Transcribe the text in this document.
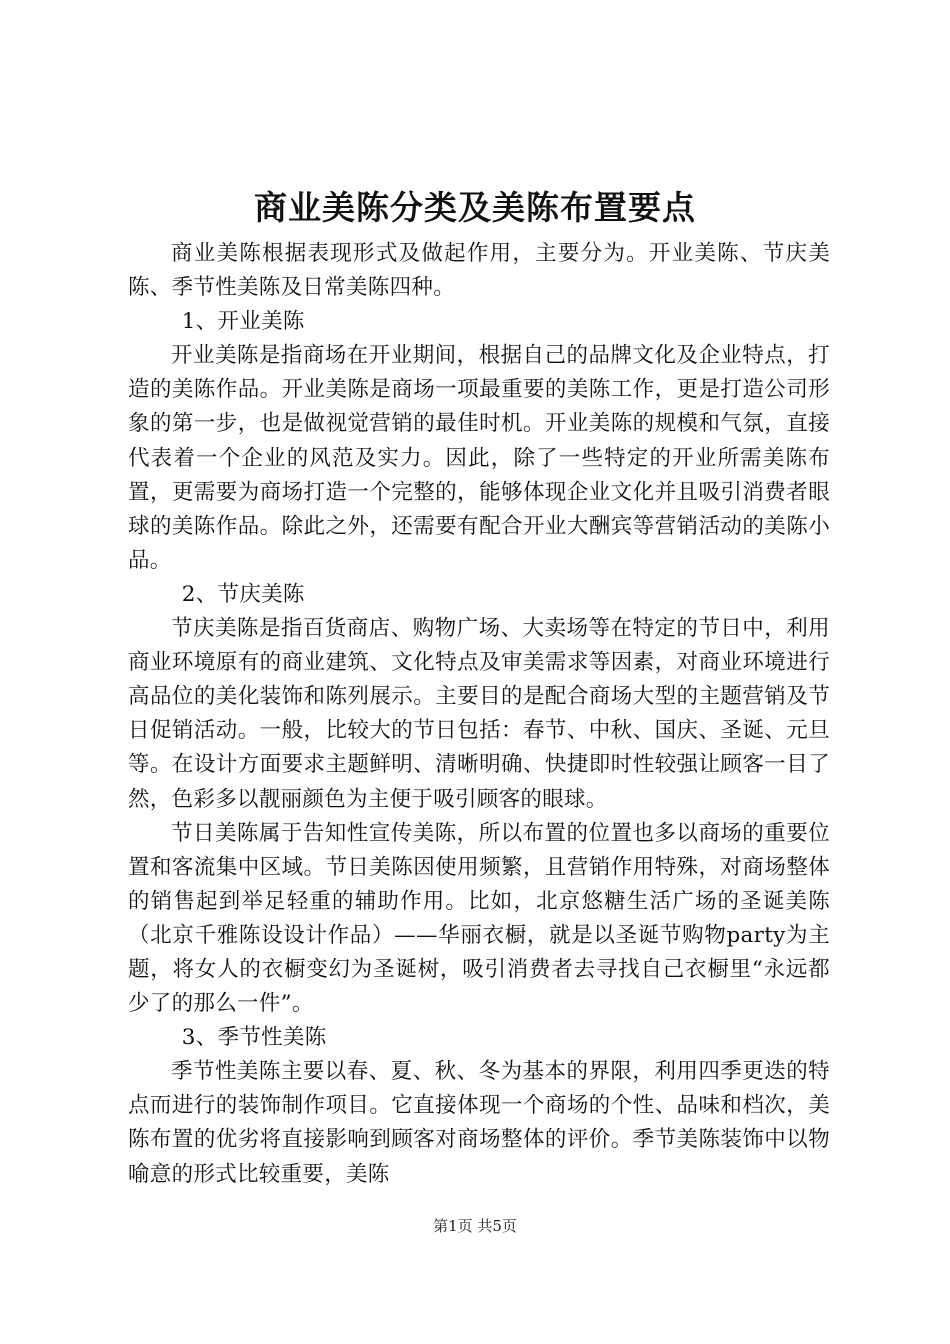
商业美陈分类及美陈布置要点

商业美陈根据表现形式及做起作用，主要分为。开业美陈、节庆美陈、季节性美陈及日常美陈四种。

1、开业美陈

开业美陈是指商场在开业期间，根据自己的品牌文化及企业特点，打造的美陈作品。开业美陈是商场一项最重要的美陈工作，更是打造公司形象的第一步，也是做视觉营销的最佳时机。开业美陈的规模和气氛，直接代表着一个企业的风范及实力。因此，除了一些特定的开业所需美陈布置，更需要为商场打造一个完整的，能够体现企业文化并且吸引消费者眼球的美陈作品。除此之外，还需要有配合开业大酬宾等营销活动的美陈小品。

2、节庆美陈

节庆美陈是指百货商店、购物广场、大卖场等在特定的节日中，利用商业环境原有的商业建筑、文化特点及审美需求等因素，对商业环境进行高品位的美化装饰和陈列展示。主要目的是配合商场大型的主题营销及节日促销活动。一般，比较大的节日包括：春节、中秋、国庆、圣诞、元旦等。在设计方面要求主题鲜明、清晰明确、快捷即时性较强让顾客一目了然，色彩多以靓丽颜色为主便于吸引顾客的眼球。

节日美陈属于告知性宣传美陈，所以布置的位置也多以商场的重要位置和客流集中区域。节日美陈因使用频繁，且营销作用特殊，对商场整体的销售起到举足轻重的辅助作用。比如，北京悠糖生活广场的圣诞美陈（北京千雅陈设设计作品）——华丽衣橱，就是以圣诞节购物party为主题，将女人的衣橱变幻为圣诞树，吸引消费者去寻找自己衣橱里“永远都少了的那么一件”。

3、季节性美陈

季节性美陈主要以春、夏、秋、冬为基本的界限，利用四季更迭的特点而进行的装饰制作项目。它直接体现一个商场的个性、品味和档次，美陈布置的优劣将直接影响到顾客对商场整体的评价。季节美陈装饰中以物喻意的形式比较重要，美陈

第1页 共5页
